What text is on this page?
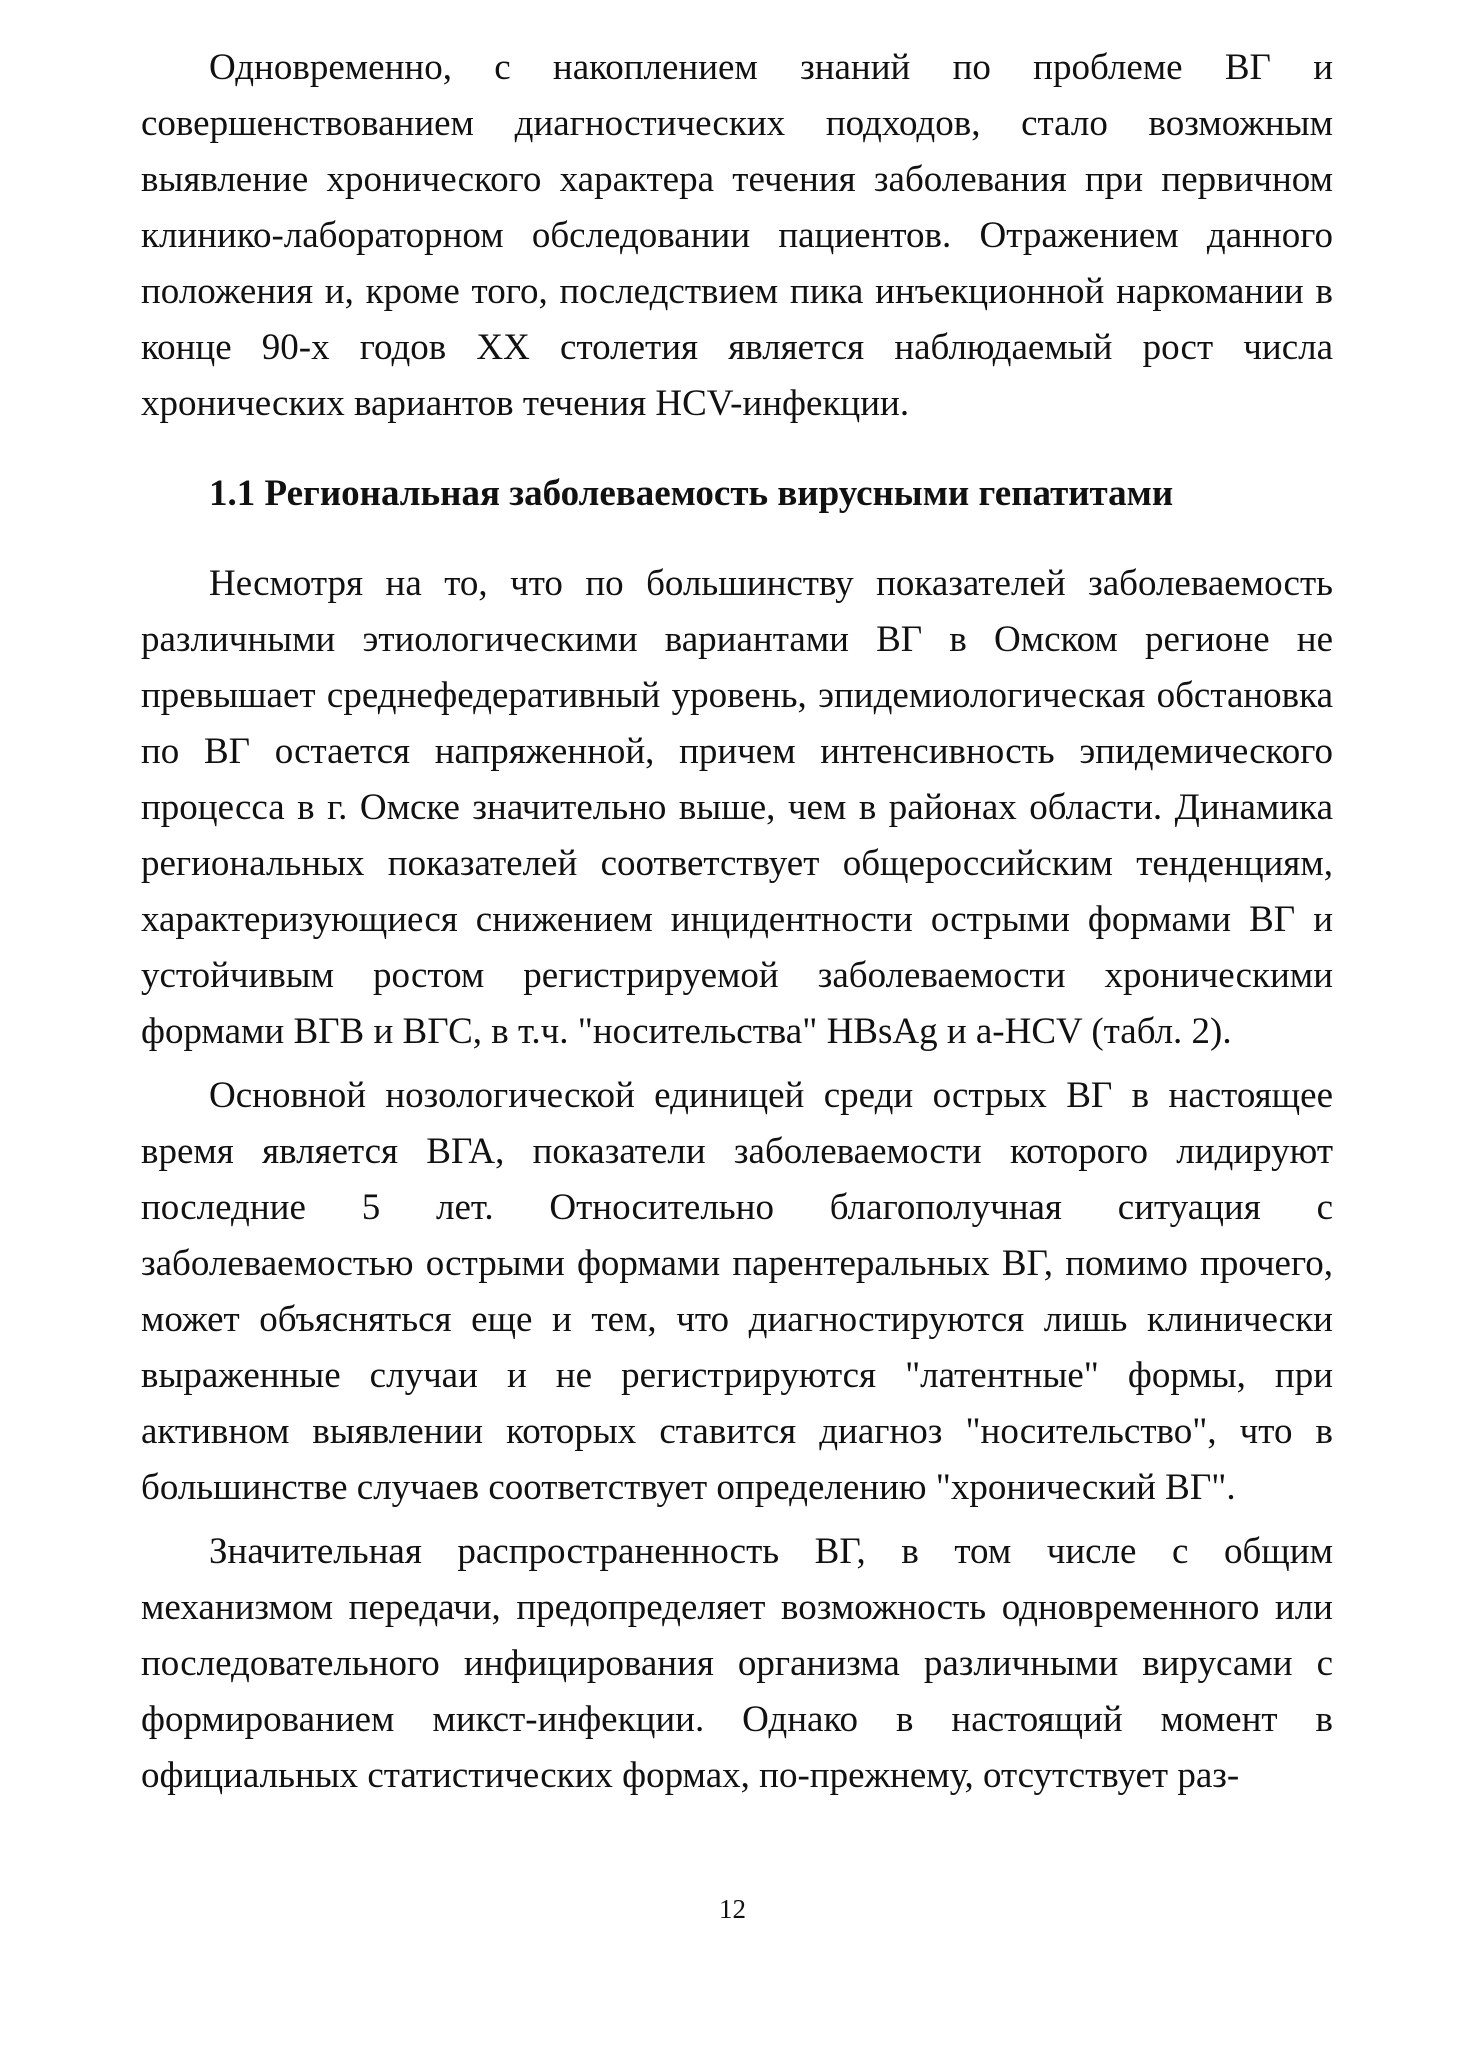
Одновременно, с накоплением знаний по проблеме ВГ и совершенствованием диагностических подходов, стало возможным выявление хронического характера течения заболевания при первичном клинико-лабораторном обследовании пациентов. Отражением данного положения и, кроме того, последствием пика инъекционной наркомании в конце 90-х годов XX столетия является наблюдаемый рост числа хронических вариантов течения HCV-инфекции.

1.1 Региональная заболеваемость вирусными гепатитами

Несмотря на то, что по большинству показателей заболеваемость различными этиологическими вариантами ВГ в Омском регионе не превышает среднефедеративный уровень, эпидемиологическая обстановка по ВГ остается напряженной, причем интенсивность эпидемического процесса в г. Омске значительно выше, чем в районах области. Динамика региональных показателей соответствует общероссийским тенденциям, характеризующиеся снижением инцидентности острыми формами ВГ и устойчивым ростом регистрируемой заболеваемости хроническими формами ВГВ и ВГС, в т.ч. "носительства" HBsAg и a-HCV (табл. 2).

Основной нозологической единицей среди острых ВГ в настоящее время является ВГА, показатели заболеваемости которого лидируют последние 5 лет. Относительно благополучная ситуация с заболеваемостью острыми формами парентеральных ВГ, помимо прочего, может объясняться еще и тем, что диагностируются лишь клинически выраженные случаи и не регистрируются "латентные" формы, при активном выявлении которых ставится диагноз "носительство", что в большинстве случаев соответствует определению "хронический ВГ".

Значительная распространенность ВГ, в том числе с общим механизмом передачи, предопределяет возможность одновременного или последовательного инфицирования организма различными вирусами с формированием микст-инфекции. Однако в настоящий момент в официальных статистических формах, по-прежнему, отсутствует раз-

12
